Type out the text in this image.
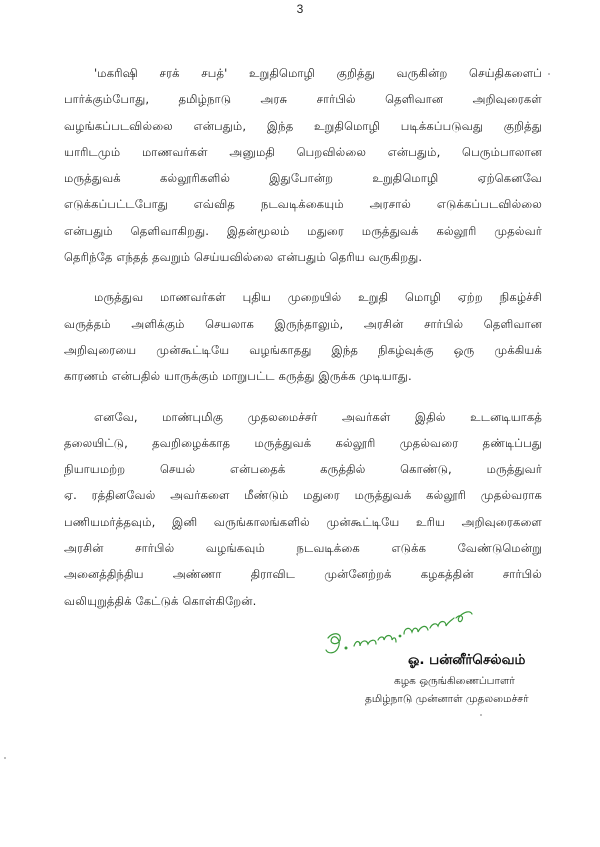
3
'மகரிஷி சரக் சபத்' உறுதிமொழி குறித்து வருகின்ற செய்திகளைப்
பார்க்கும்போது, தமிழ்நாடு அரசு சார்பில் தெளிவான அறிவுரைகள்
வழங்கப்படவில்லை என்பதும், இந்த உறுதிமொழி படிக்கப்படுவது குறித்து
யாரிடமும் மாணவர்கள் அனுமதி பெறவில்லை என்பதும், பெரும்பாலான
மருத்துவக் கல்லூரிகளில் இதுபோன்ற உறுதிமொழி ஏற்கெனவே
எடுக்கப்பட்டபோது எவ்வித நடவடிக்கையும் அரசால் எடுக்கப்படவில்லை
என்பதும் தெளிவாகிறது. இதன்மூலம் மதுரை மருத்துவக் கல்லூரி முதல்வர்
தெரிந்தே எந்தத் தவறும் செய்யவில்லை என்பதும் தெரிய வருகிறது.
மருத்துவ மாணவர்கள் புதிய முறையில் உறுதி மொழி ஏற்ற நிகழ்ச்சி
வருத்தம் அளிக்கும் செயலாக இருந்தாலும், அரசின் சார்பில் தெளிவான
அறிவுரையை முன்கூட்டியே வழங்காதது இந்த நிகழ்வுக்கு ஒரு முக்கியக்
காரணம் என்பதில் யாருக்கும் மாறுபட்ட கருத்து இருக்க முடியாது.
எனவே, மாண்புமிகு முதலமைச்சர் அவர்கள் இதில் உடனடியாகத்
தலையிட்டு, தவறிழைக்காத மருத்துவக் கல்லூரி முதல்வரை தண்டிப்பது
நியாயமற்ற செயல் என்பதைக் கருத்தில் கொண்டு, மருத்துவர்
ஏ. ரத்தினவேல் அவர்களை மீண்டும் மதுரை மருத்துவக் கல்லூரி முதல்வராக
பணியமர்த்தவும், இனி வருங்காலங்களில் முன்கூட்டியே உரிய அறிவுரைகளை
அரசின் சார்பில் வழங்கவும் நடவடிக்கை எடுக்க வேண்டுமென்று
அனைத்திந்திய அண்ணா திராவிட முன்னேற்றக் கழகத்தின் சார்பில்
வலியுறுத்திக் கேட்டுக் கொள்கிறேன்.
ஓ. பன்னீர்செல்வம்
கழக ஒருங்கிணைப்பாளர்
தமிழ்நாடு முன்னாள் முதலமைச்சர்
